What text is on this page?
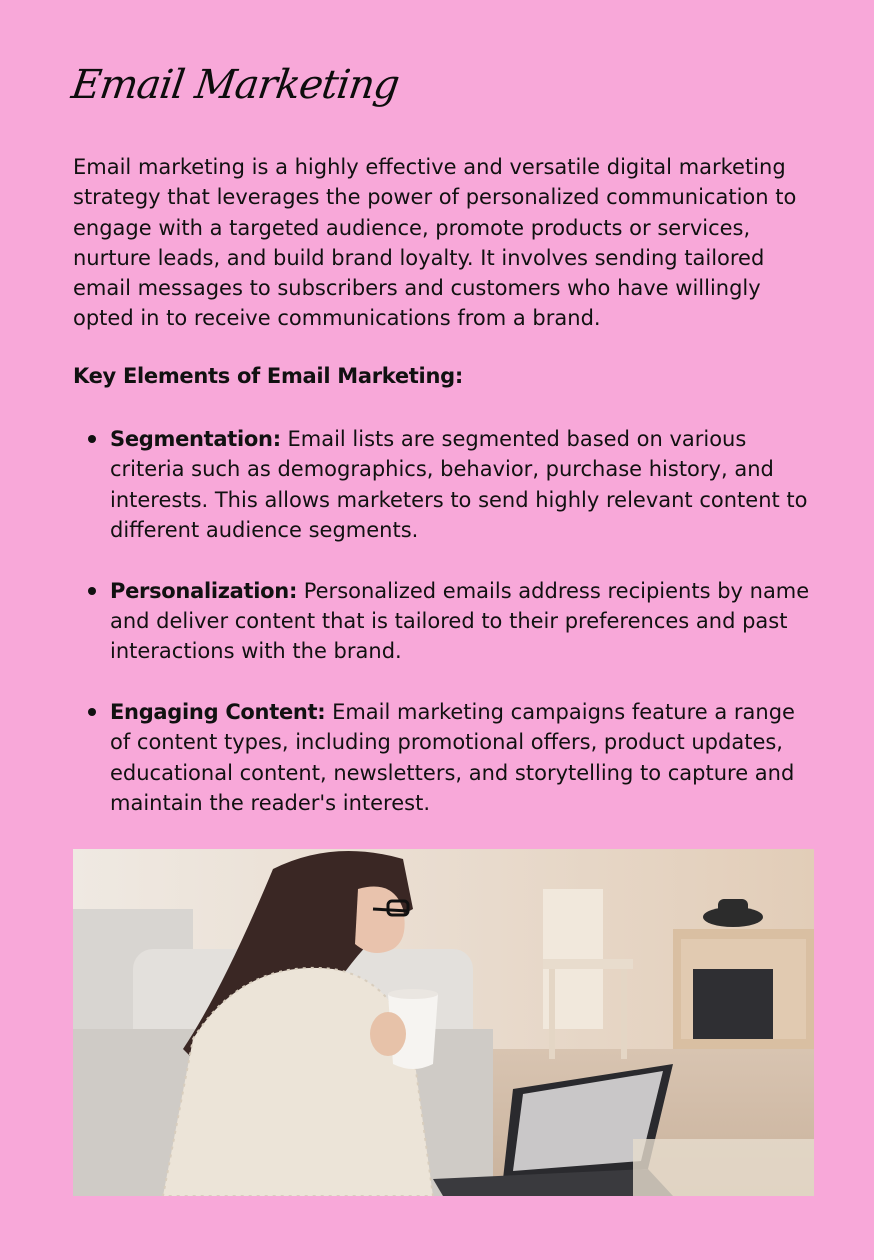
Email Marketing

Email marketing is a highly effective and versatile digital marketing strategy that leverages the power of personalized communication to engage with a targeted audience, promote products or services, nurture leads, and build brand loyalty. It involves sending tailored email messages to subscribers and customers who have willingly opted in to receive communications from a brand.

Key Elements of Email Marketing:

Segmentation: Email lists are segmented based on various criteria such as demographics, behavior, purchase history, and interests. This allows marketers to send highly relevant content to different audience segments.
Personalization: Personalized emails address recipients by name and deliver content that is tailored to their preferences and past interactions with the brand.
Engaging Content: Email marketing campaigns feature a range of content types, including promotional offers, product updates, educational content, newsletters, and storytelling to capture and maintain the reader's interest.
